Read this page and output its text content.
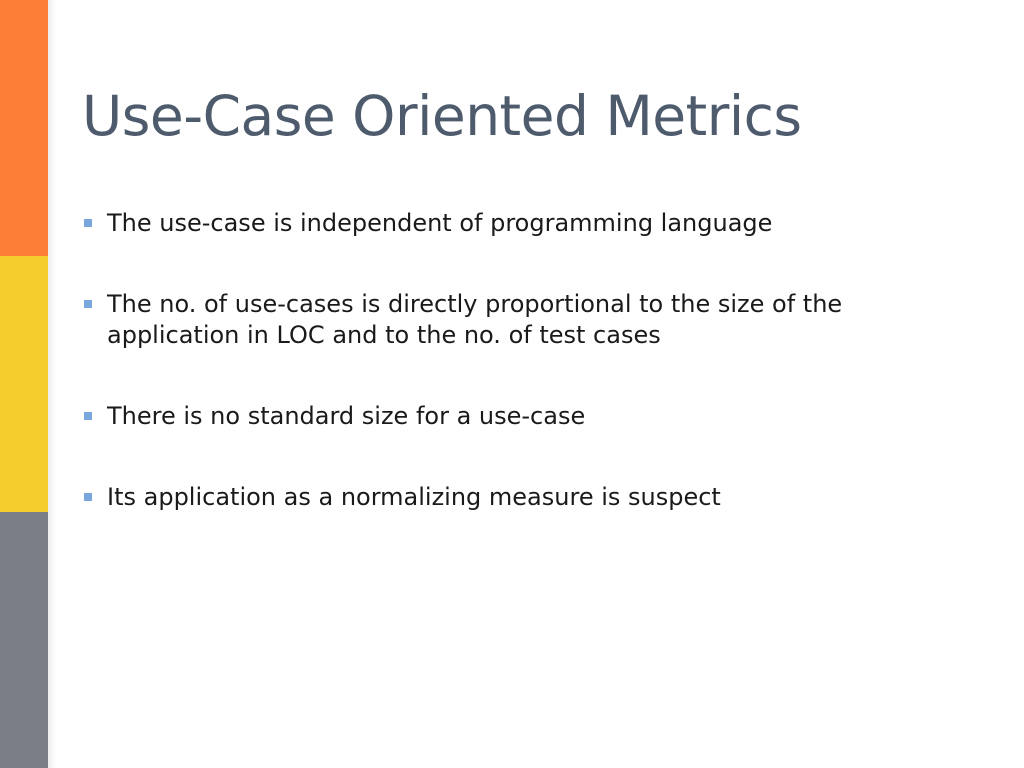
Use-Case Oriented Metrics
The use-case is independent of programming language
The no. of use-cases is directly proportional to the size of the application in LOC and to the no. of test cases
There is no standard size for a use-case
Its application as a normalizing measure is suspect
